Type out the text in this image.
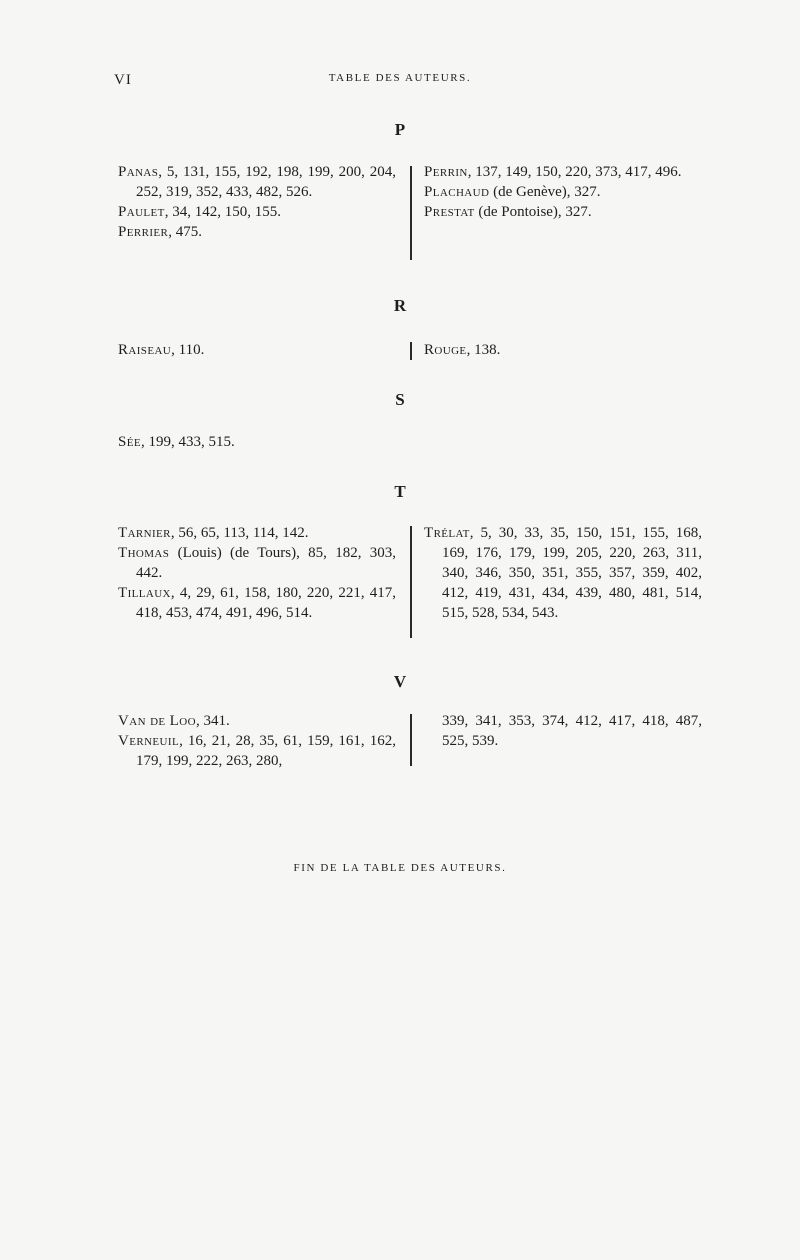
VI	TABLE DES AUTEURS.
P

Panas, 5, 131, 155, 192, 198, 199, 200, 204, 252, 319, 352, 433, 482, 526.

Paulet, 34, 142, 150, 155.

Perrier, 475.

Perrin, 137, 149, 150, 220, 373, 417, 496.

Plachaud (de Genève), 327.

Prestat (de Pontoise), 327.

R

Raiseau, 110.	Rouge, 138.

S

Sée, 199, 433, 515.

T

Tarnier, 56, 65, 113, 114, 142.

Thomas (Louis) (de Tours), 85, 182, 303, 442.

Tillaux, 4, 29, 61, 158, 180, 220, 221, 417, 418, 453, 474, 491, 496, 514.

Trélat, 5, 30, 33, 35, 150, 151, 155, 168, 169, 176, 179, 199, 205, 220, 263, 311, 340, 346, 350, 351, 355, 357, 359, 402, 412, 419, 431, 434, 439, 480, 481, 514, 515, 528, 534, 543.

V

Van de Loo, 341.

Verneuil, 16, 21, 28, 35, 61, 159, 161, 162, 179, 199, 222, 263, 280,

339, 341, 353, 374, 412, 417, 418, 487, 525, 539.

FIN DE LA TABLE DES AUTEURS.
